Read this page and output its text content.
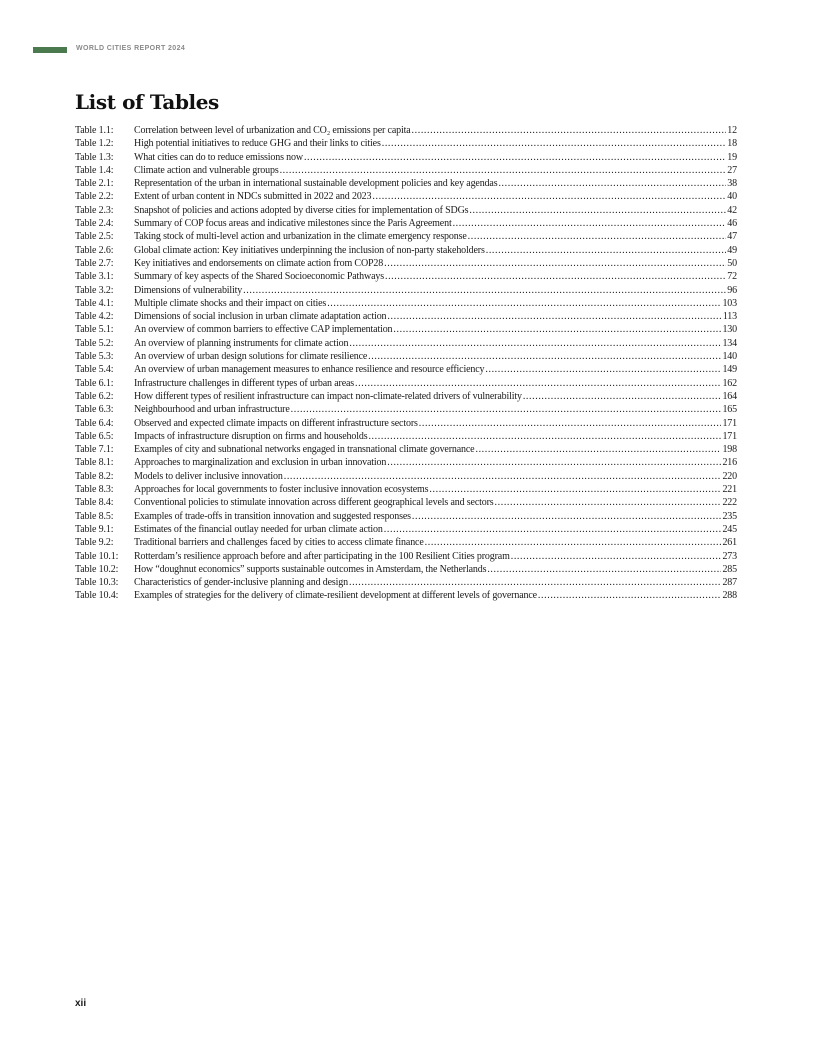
WORLD CITIES REPORT 2024
List of Tables
Table 1.1:	Correlation between level of urbanization and CO₂ emissions per capita .....	12
Table 1.2:	High potential initiatives to reduce GHG and their links to cities .....	18
Table 1.3:	What cities can do to reduce emissions now .....	19
Table 1.4:	Climate action and vulnerable groups .....	27
Table 2.1:	Representation of the urban in international sustainable development policies and key agendas .....	38
Table 2.2:	Extent of urban content in NDCs submitted in 2022 and 2023 .....	40
Table 2.3:	Snapshot of policies and actions adopted by diverse cities for implementation of SDGs .....	42
Table 2.4:	Summary of COP focus areas and indicative milestones since the Paris Agreement .....	46
Table 2.5:	Taking stock of multi-level action and urbanization in the climate emergency response .....	47
Table 2.6:	Global climate action: Key initiatives underpinning the inclusion of non-party stakeholders .....	49
Table 2.7:	Key initiatives and endorsements on climate action from COP28 .....	50
Table 3.1:	Summary of key aspects of the Shared Socioeconomic Pathways .....	72
Table 3.2:	Dimensions of vulnerability .....	96
Table 4.1:	Multiple climate shocks and their impact on cities .....	103
Table 4.2:	Dimensions of social inclusion in urban climate adaptation action .....	113
Table 5.1:	An overview of common barriers to effective CAP implementation .....	130
Table 5.2:	An overview of planning instruments for climate action .....	134
Table 5.3:	An overview of urban design solutions for climate resilience .....	140
Table 5.4:	An overview of urban management measures to enhance resilience and resource efficiency .....	149
Table 6.1:	Infrastructure challenges in different types of urban areas .....	162
Table 6.2:	How different types of resilient infrastructure can impact non-climate-related drivers of vulnerability .....	164
Table 6.3:	Neighbourhood and urban infrastructure .....	165
Table 6.4:	Observed and expected climate impacts on different infrastructure sectors .....	171
Table 6.5:	Impacts of infrastructure disruption on firms and households .....	171
Table 7.1:	Examples of city and subnational networks engaged in transnational climate governance .....	198
Table 8.1:	Approaches to marginalization and exclusion in urban innovation .....	216
Table 8.2:	Models to deliver inclusive innovation .....	220
Table 8.3:	Approaches for local governments to foster inclusive innovation ecosystems .....	221
Table 8.4:	Conventional policies to stimulate innovation across different geographical levels and sectors .....	222
Table 8.5:	Examples of trade-offs in transition innovation and suggested responses .....	235
Table 9.1:	Estimates of the financial outlay needed for urban climate action .....	245
Table 9.2:	Traditional barriers and challenges faced by cities to access climate finance .....	261
Table 10.1:	Rotterdam’s resilience approach before and after participating in the 100 Resilient Cities program .....	273
Table 10.2:	How “doughnut economics” supports sustainable outcomes in Amsterdam, the Netherlands .....	285
Table 10.3:	Characteristics of gender-inclusive planning and design .....	287
Table 10.4:	Examples of strategies for the delivery of climate-resilient development at different levels of governance .....	288
xii
